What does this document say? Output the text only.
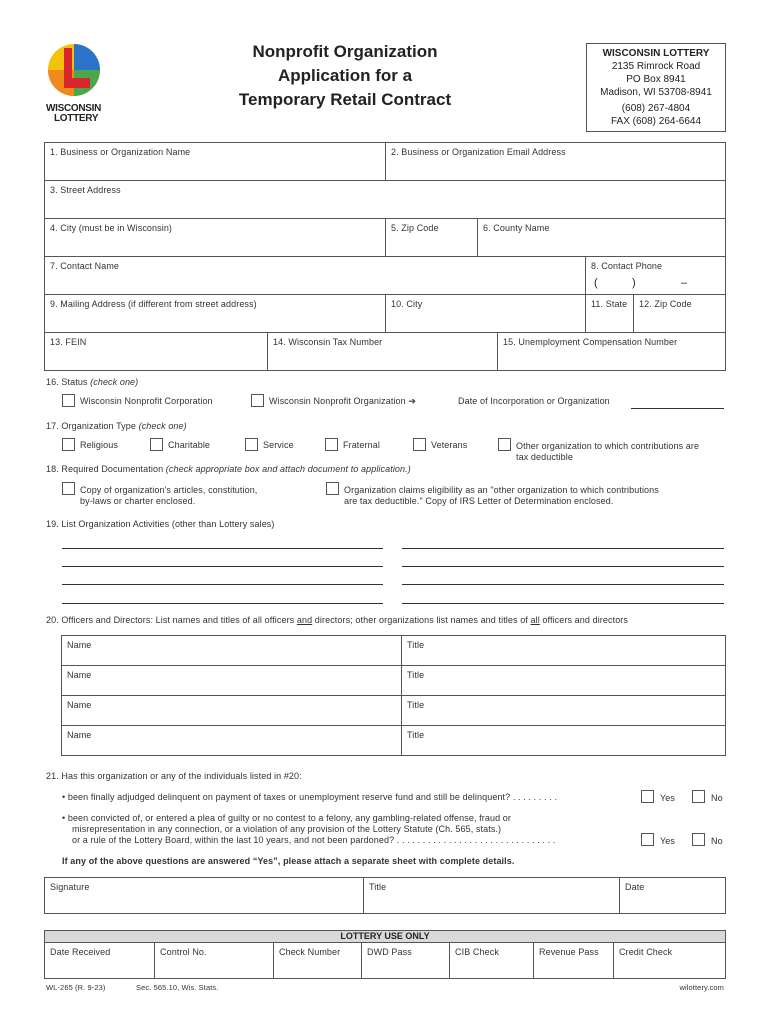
WISCONSIN
LOTTERY
Nonprofit Organization
Application for a
Temporary Retail Contract
WISCONSIN LOTTERY
2135 Rimrock Road
PO Box 8941
Madison, WI 53708-8941
(608) 267-4804
FAX (608) 264-6644
1. Business or Organization Name	2. Business or Organization Email Address
3. Street Address
4. City (must be in Wisconsin)	5. Zip Code	6. County Name
7. Contact Name	8. Contact Phone
(	)	–
9. Mailing Address (if different from street address)	10. City	11. State 12. Zip Code
13. FEIN	14. Wisconsin Tax Number	15. Unemployment Compensation Number
16. Status (check one)
Wisconsin Nonprofit Corporation	Wisconsin Nonprofit Organization ➔	Date of Incorporation or Organization
17. Organization Type (check one)
Religious	Charitable	Service	Fraternal	Veterans	Other organization to which contributions are
tax deductible
18. Required Documentation (check appropriate box and attach document to application.)
Copy of organization's articles, constitution,
by-laws or charter enclosed.
Organization claims eligibility as an "other organization to which contributions
are tax deductible." Copy of IRS Letter of Determination enclosed.
19. List Organization Activities (other than Lottery sales)
20. Officers and Directors: List names and titles of all officers and directors; other organizations list names and titles of all officers and directors
Name	Title
Name	Title
Name	Title
Name	Title
21. Has this organization or any of the individuals listed in #20:
• been finally adjudged delinquent on payment of taxes or unemployment reserve fund and still be delinquent? . . . . . . . . .	Yes	No
• been convicted of, or entered a plea of guilty or no contest to a felony, any gambling-related offense, fraud or
misrepresentation in any connection, or a violation of any provision of the Lottery Statute (Ch. 565, stats.)
or a rule of the Lottery Board, within the last 10 years, and not been pardoned? . . . . . . . . . . . . . . . . . . . . . . . . . . . . . . .	Yes	No
If any of the above questions are answered “Yes”, please attach a separate sheet with complete details.
Signature	Title	Date
LOTTERY USE ONLY
Date Received	Control No.	Check Number	DWD Pass	CIB Check	Revenue Pass Credit Check
WL-265 (R. 9-23)	Sec. 565.10, Wis. Stats.	wilottery.com
